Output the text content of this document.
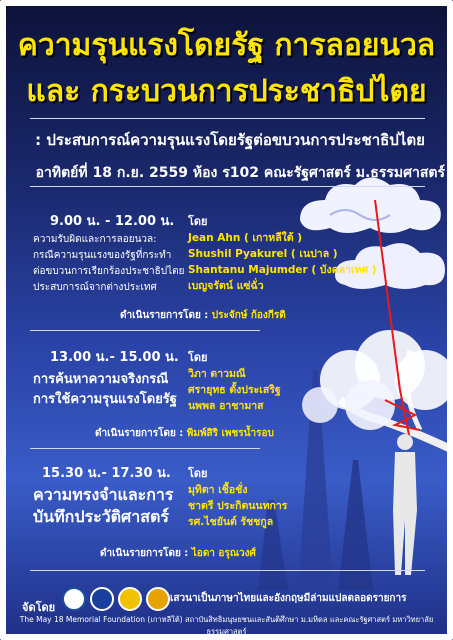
ความรุนแรงโดยรัฐ การลอยนวล
และ กระบวนการประชาธิปไตย
: ประสบการณ์ความรุนแรงโดยรัฐต่อขบวนการประชาธิปไตย
อาทิตย์ที่ 18 ก.ย. 2559 ห้อง ร102 คณะรัฐศาสตร์ ม.ธรรมศาสตร์
9.00 น. - 12.00 น.
ความรับผิดและการลอยนวล:
กรณีความรุนแรงของรัฐที่กระทำ
ต่อขบวนการเรียกร้องประชาธิปไตย
ประสบการณ์จากต่างประเทศ
โดย
Jean Ahn ( เกาหลีใต้ )
Shushil Pyakurel ( เนปาล )
Shantanu Majumder ( บังคลาเทศ )
เบญจรัตน์ แซ่ฉั่ว
ดำเนินรายการโดย : ประจักษ์ ก้องกีรติ
13.00 น.- 15.00 น.
การค้นหาความจริงกรณี
การใช้ความรุนแรงโดยรัฐ
โดย
วิภา ดาวมณี
ศรายุทธ ตั้งประเสริฐ
นพพล อาชามาส
ดำเนินรายการโดย : พิมพ์สิริ เพชรน้ำรอบ
15.30 น.- 17.30 น.
ความทรงจำและการ
บันทึกประวัติศาสตร์
โดย
มุทิตา เชื้อชั่ง
ชาตรี ประกิตนนทการ
รศ.ไชยันต์ รัชชกูล
ดำเนินรายการโดย : ไอดา อรุณวงศ์
จัดโดย
เสวนาเป็นภาษาไทยและอังกฤษมีล่ามแปลตลอดรายการ
The May 18 Memorial Foundation (เกาหลีใต้) สถาบันสิทธิมนุษยชนและสันติศึกษา ม.มหิดล และคณะรัฐศาสตร์ มหาวิทยาลัยธรรมศาสตร์
